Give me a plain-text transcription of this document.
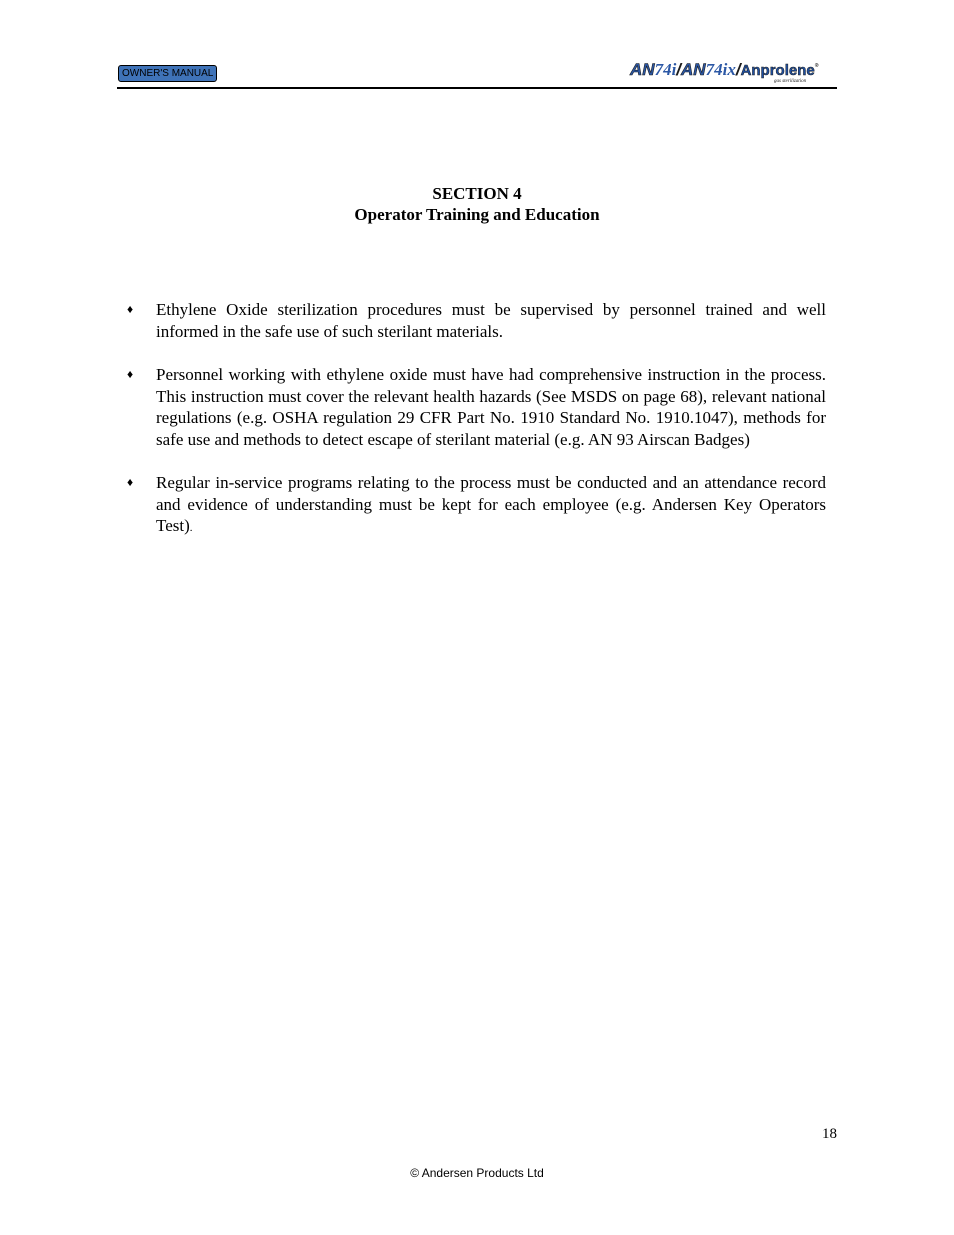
OWNER'S MANUAL	AN74i/AN74ix/Anprolene®
gas sterilization
SECTION 4
Operator Training and Education
♦ Ethylene Oxide sterilization procedures must be supervised by personnel trained and well informed in the safe use of such sterilant materials.
♦ Personnel working with ethylene oxide must have had comprehensive instruction in the process. This instruction must cover the relevant health hazards (See MSDS on page 68), relevant national regulations (e.g. OSHA regulation 29 CFR Part No. 1910 Standard No. 1910.1047), methods for safe use and methods to detect escape of sterilant material (e.g. AN 93 Airscan Badges)
♦ Regular in-service programs relating to the process must be conducted and an attendance record and evidence of understanding must be kept for each employee (e.g. Andersen Key Operators Test).
18
© Andersen Products Ltd
